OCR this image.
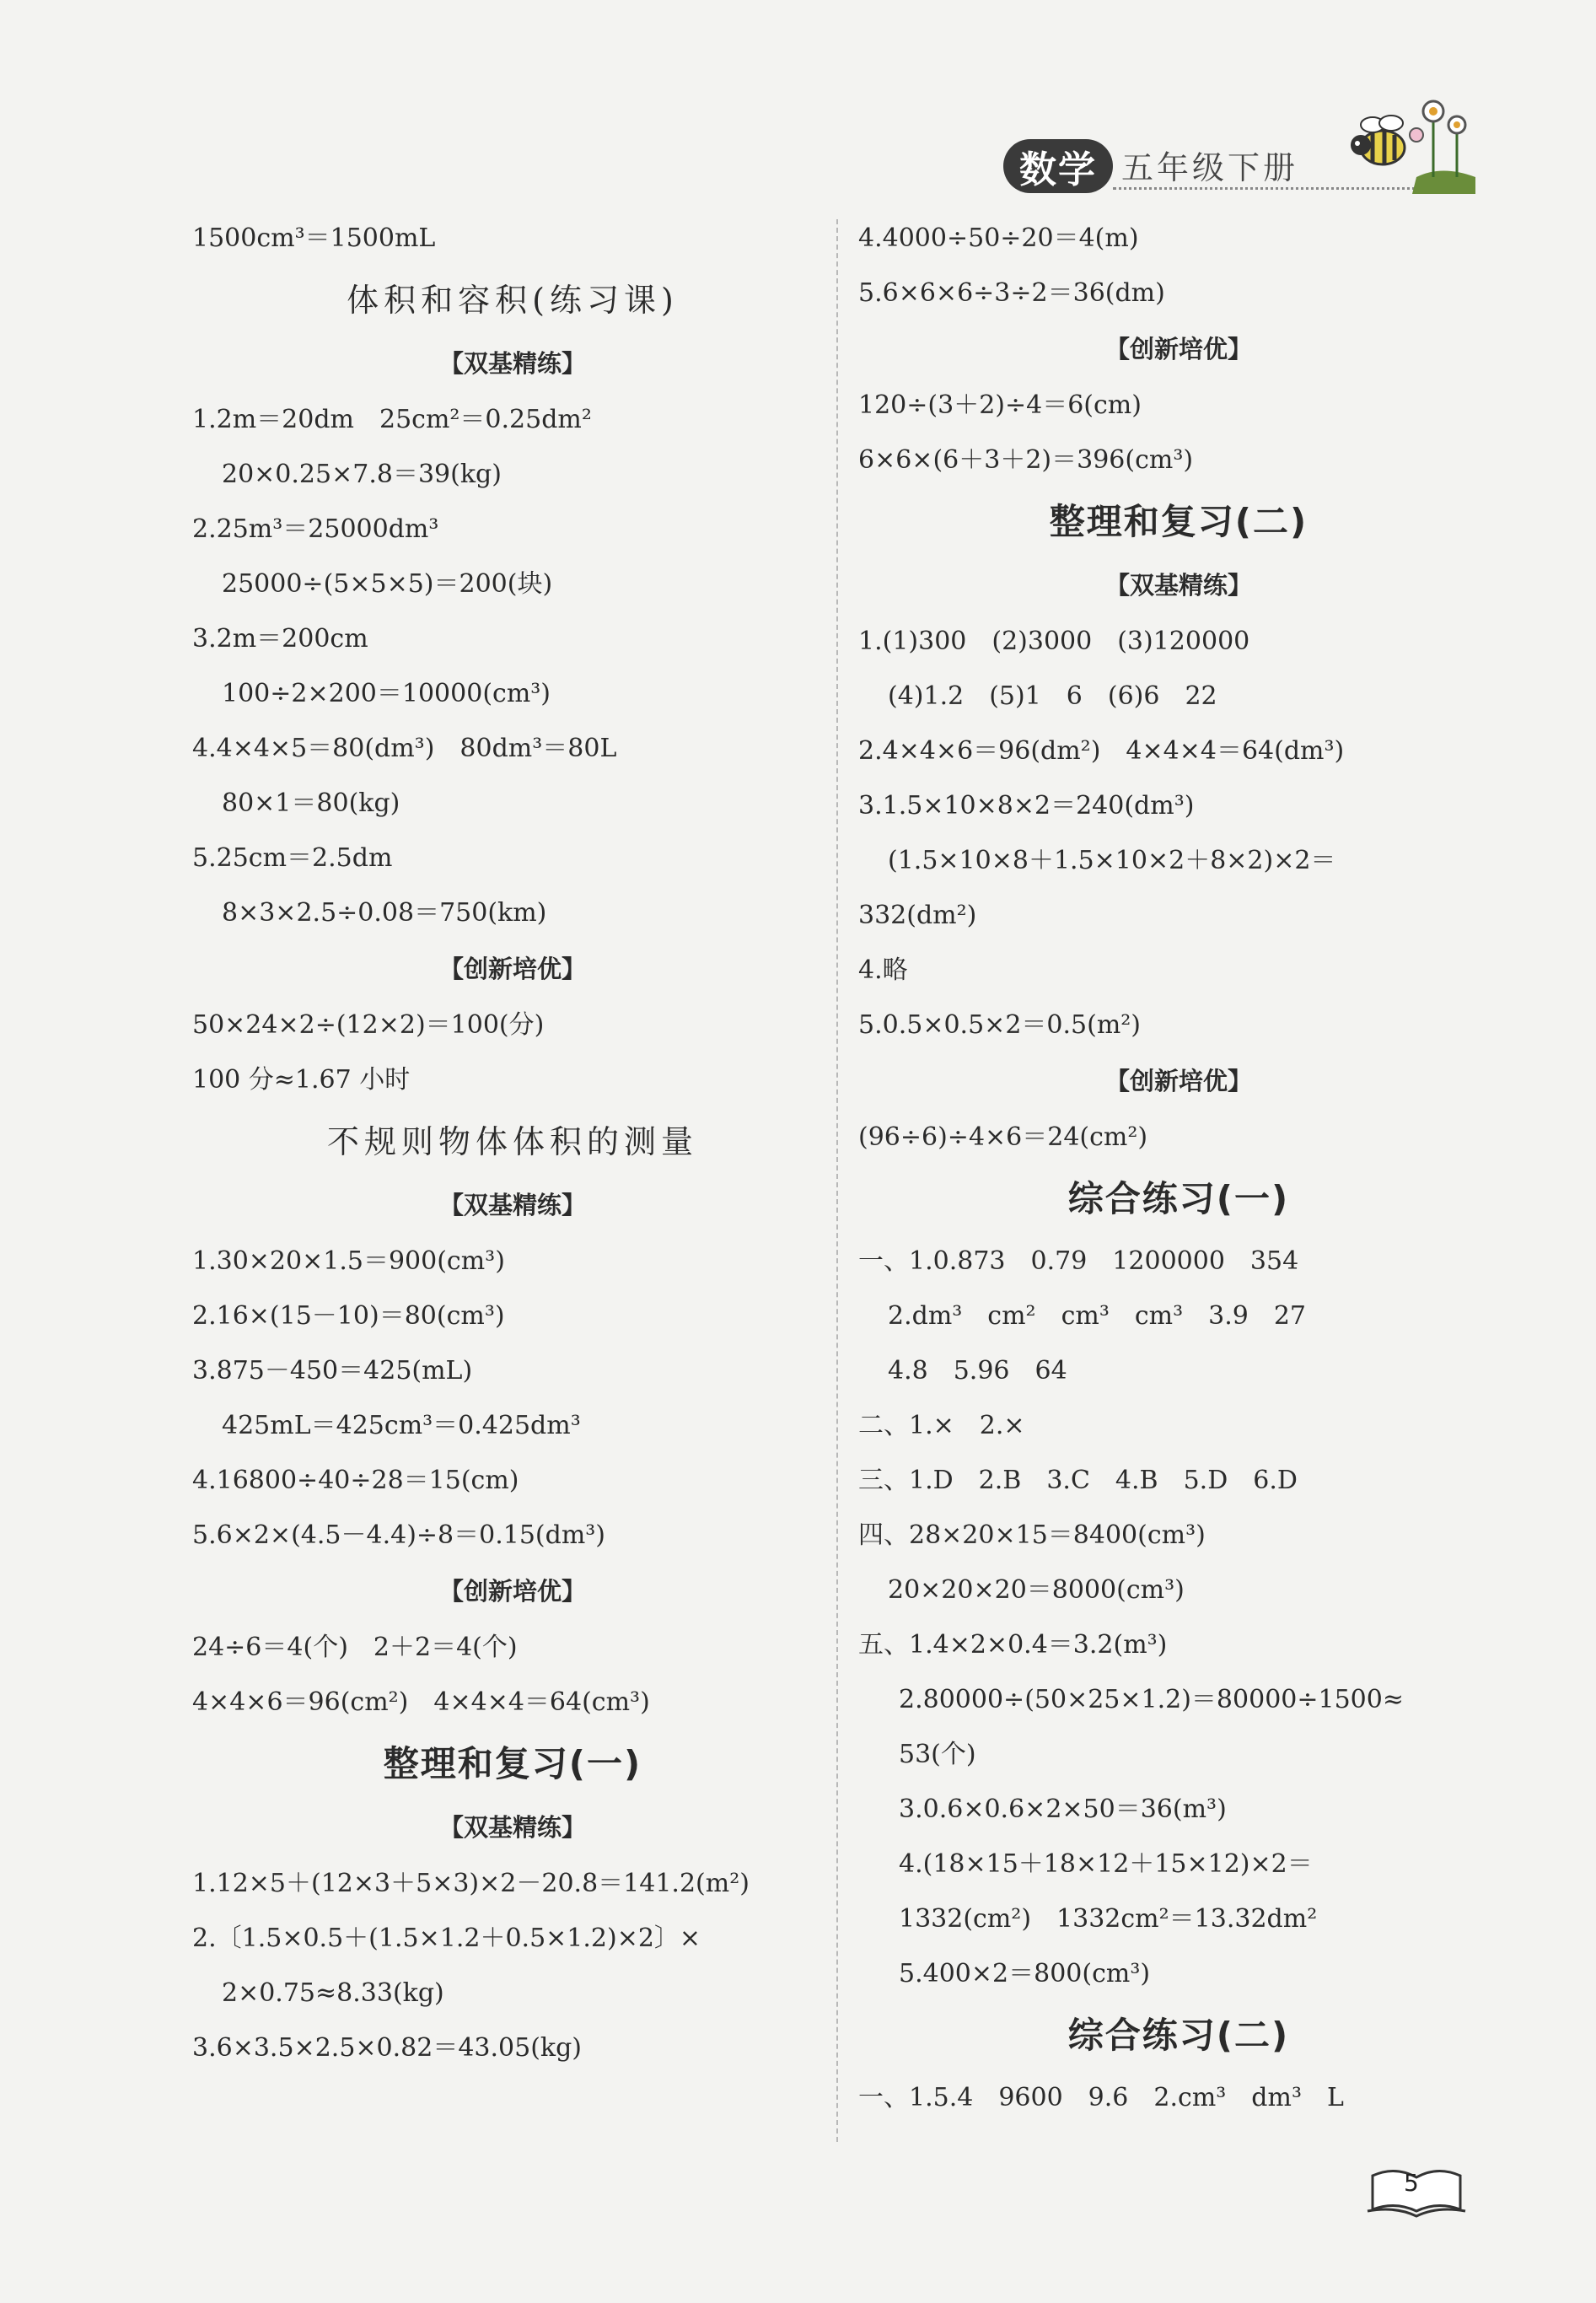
数学 五年级下册
1500cm³＝1500mL
体积和容积(练习课)
【双基精练】
1.2m＝20dm　25cm²＝0.25dm²
20×0.25×7.8＝39(kg)
2.25m³＝25000dm³
25000÷(5×5×5)＝200(块)
3.2m＝200cm
100÷2×200＝10000(cm³)
4.4×4×5＝80(dm³)　80dm³＝80L
80×1＝80(kg)
5.25cm＝2.5dm
8×3×2.5÷0.08＝750(km)
【创新培优】
50×24×2÷(12×2)＝100(分)
100 分≈1.67 小时
不规则物体体积的测量
【双基精练】
1.30×20×1.5＝900(cm³)
2.16×(15－10)＝80(cm³)
3.875－450＝425(mL)
425mL＝425cm³＝0.425dm³
4.16800÷40÷28＝15(cm)
5.6×2×(4.5－4.4)÷8＝0.15(dm³)
【创新培优】
24÷6＝4(个)　2＋2＝4(个)
4×4×6＝96(cm²)　4×4×4＝64(cm³)
整理和复习(一)
【双基精练】
1.12×5＋(12×3＋5×3)×2－20.8＝141.2(m²)
2.〔1.5×0.5＋(1.5×1.2＋0.5×1.2)×2〕×
2×0.75≈8.33(kg)
3.6×3.5×2.5×0.82＝43.05(kg)
4.4000÷50÷20＝4(m)
5.6×6×6÷3÷2＝36(dm)
【创新培优】
120÷(3＋2)÷4＝6(cm)
6×6×(6＋3＋2)＝396(cm³)
整理和复习(二)
【双基精练】
1.(1)300　(2)3000　(3)120000
(4)1.2　(5)1　6　(6)6　22
2.4×4×6＝96(dm²)　4×4×4＝64(dm³)
3.1.5×10×8×2＝240(dm³)
(1.5×10×8＋1.5×10×2＋8×2)×2＝
332(dm²)
4.略
5.0.5×0.5×2＝0.5(m²)
【创新培优】
(96÷6)÷4×6＝24(cm²)
综合练习(一)
一、1.0.873　0.79　1200000　354
2.dm³　cm²　cm³　cm³　3.9　27
4.8　5.96　64
二、1.×　2.×
三、1.D　2.B　3.C　4.B　5.D　6.D
四、28×20×15＝8400(cm³)
20×20×20＝8000(cm³)
五、1.4×2×0.4＝3.2(m³)
2.80000÷(50×25×1.2)＝80000÷1500≈
53(个)
3.0.6×0.6×2×50＝36(m³)
4.(18×15＋18×12＋15×12)×2＝
1332(cm²)　1332cm²＝13.32dm²
5.400×2＝800(cm³)
综合练习(二)
一、1.5.4　9600　9.6　2.cm³　dm³　L
5
